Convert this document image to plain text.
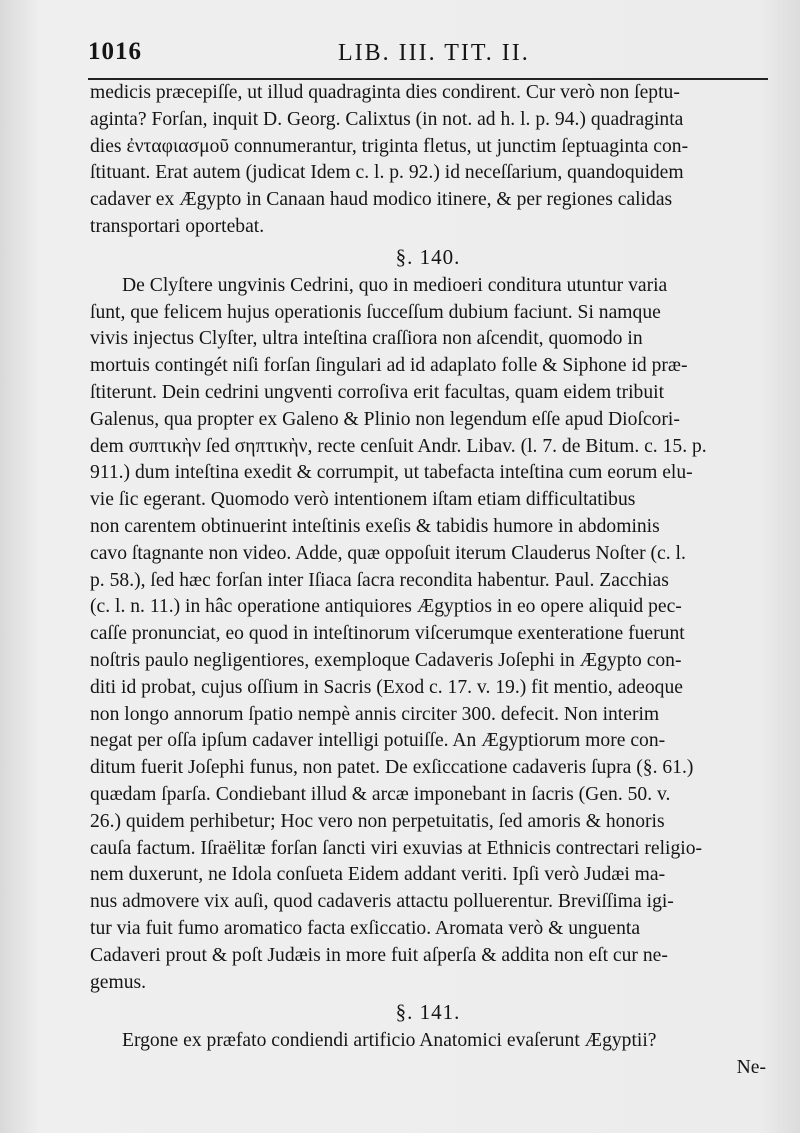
1016	LIB. III. TIT. II.
medicis præcepiſſe, ut illud quadraginta dies condirent. Cur verò non ſeptu-
aginta? Forſan, inquit D. Georg. Calixtus (in not. ad h. l. p. 94.) quadraginta
dies ἐνταφιασμοῦ connumerantur, triginta fletus, ut junctim ſeptuaginta con-
ſtituant. Erat autem (judicat Idem c. l. p. 92.) id neceſſarium, quandoquidem
cadaver ex Ægypto in Canaan haud modico itinere, & per regiones calidas
transportari oportebat.
§. 140.
De Clyſtere ungvinis Cedrini, quo in medioeri conditura utuntur varia
ſunt, que felicem hujus operationis ſucceſſum dubium faciunt. Si namque
vivis injectus Clyſter, ultra inteſtina craſſiora non aſcendit, quomodo in
mortuis contingét niſi forſan ſingulari ad id adaplato folle & Siphone id præ-
ſtiterunt. Dein cedrini ungventi corroſiva erit facultas, quam eidem tribuit
Galenus, qua propter ex Galeno & Plinio non legendum eſſe apud Dioſcori-
dem συπτικὴν ſed σηπτικὴν, recte cenſuit Andr. Libav. (l. 7. de Bitum. c. 15. p.
911.) dum inteſtina exedit & corrumpit, ut tabefacta inteſtina cum eorum elu-
vie ſic egerant. Quomodo verò intentionem iſtam etiam difficultatibus
non carentem obtinuerint inteſtinis exeſis & tabidis humore in abdominis
cavo ſtagnante non video. Adde, quæ oppoſuit iterum Clauderus Noſter (c. l.
p. 58.), ſed hæc forſan inter Iſiaca ſacra recondita habentur. Paul. Zacchias
(c. l. n. 11.) in hâc operatione antiquiores Ægyptios in eo opere aliquid pec-
caſſe pronunciat, eo quod in inteſtinorum viſcerumque exenteratione fuerunt
noſtris paulo negligentiores, exemploque Cadaveris Joſephi in Ægypto con-
diti id probat, cujus oſſium in Sacris (Exod c. 17. v. 19.) fit mentio, adeoque
non longo annorum ſpatio nempè annis circiter 300. defecit. Non interim
negat per oſſa ipſum cadaver intelligi potuiſſe. An Ægyptiorum more con-
ditum fuerit Joſephi funus, non patet. De exſiccatione cadaveris ſupra (§. 61.)
quædam ſparſa. Condiebant illud & arcæ imponebant in ſacris (Gen. 50. v.
26.) quidem perhibetur; Hoc vero non perpetuitatis, ſed amoris & honoris
cauſa factum. Iſraëlitæ forſan ſancti viri exuvias at Ethnicis contrectari religio-
nem duxerunt, ne Idola conſueta Eidem addant veriti. Ipſi verò Judæi ma-
nus admovere vix auſi, quod cadaveris attactu polluerentur. Breviſſima igi-
tur via fuit fumo aromatico facta exſiccatio. Aromata verò & unguenta
Cadaveri prout & poſt Judæis in more fuit aſperſa & addita non eſt cur ne-
gemus.
§. 141.
Ergone ex præfato condiendi artificio Anatomici evaſerunt Ægyptii?
Ne-
